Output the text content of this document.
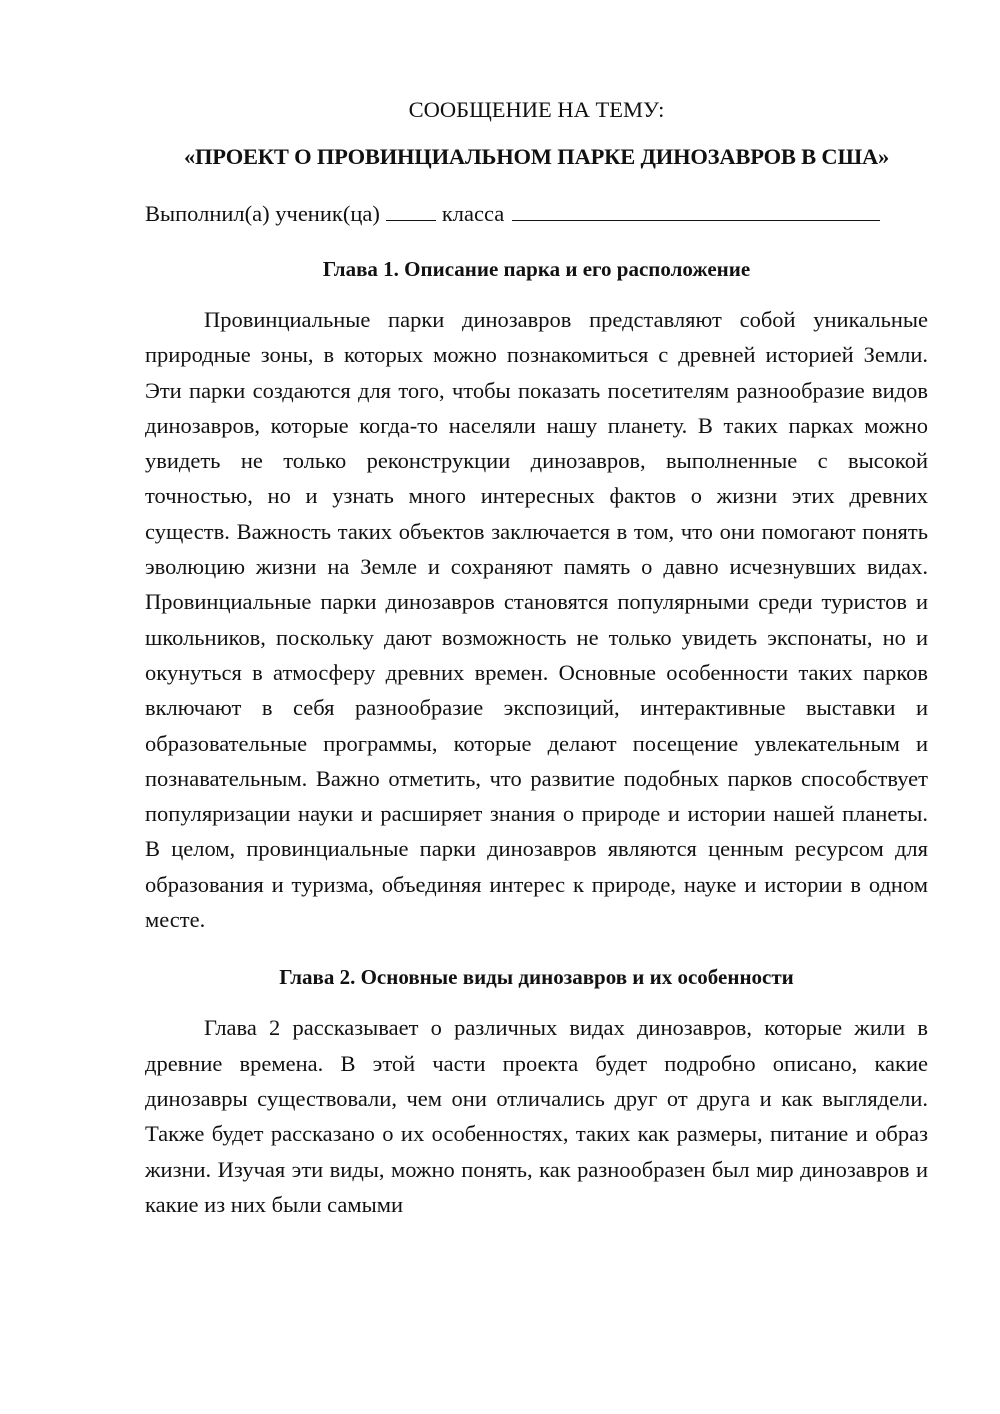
СООБЩЕНИЕ НА ТЕМУ:

«ПРОЕКТ О ПРОВИНЦИАЛЬНОМ ПАРКЕ ДИНОЗАВРОВ В США»

Выполнил(а) ученик(ца)	класса
Глава 1. Описание парка и его расположение

Провинциальные парки динозавров представляют собой уникальные природные зоны, в которых можно познакомиться с древней историей Земли. Эти парки создаются для того, чтобы показать посетителям разнообразие видов динозавров, которые когда-то населяли нашу планету. В таких парках можно увидеть не только реконструкции динозавров, выполненные с высокой точностью, но и узнать много интересных фактов о жизни этих древних существ. Важность таких объектов заключается в том, что они помогают понять эволюцию жизни на Земле и сохраняют память о давно исчезнувших видах. Провинциальные парки динозавров становятся популярными среди туристов и школьников, поскольку дают возможность не только увидеть экспонаты, но и окунуться в атмосферу древних времен. Основные особенности таких парков включают в себя разнообразие экспозиций, интерактивные выставки и образовательные программы, которые делают посещение увлекательным и познавательным. Важно отметить, что развитие подобных парков способствует популяризации науки и расширяет знания о природе и истории нашей планеты. В целом, провинциальные парки динозавров являются ценным ресурсом для образования и туризма, объединяя интерес к природе, науке и истории в одном месте.

Глава 2. Основные виды динозавров и их особенности

Глава 2 рассказывает о различных видах динозавров, которые жили в древние времена. В этой части проекта будет подробно описано, какие динозавры существовали, чем они отличались друг от друга и как выглядели. Также будет рассказано о их особенностях, таких как размеры, питание и образ жизни. Изучая эти виды, можно понять, как разнообразен был мир динозавров и какие из них были самыми
